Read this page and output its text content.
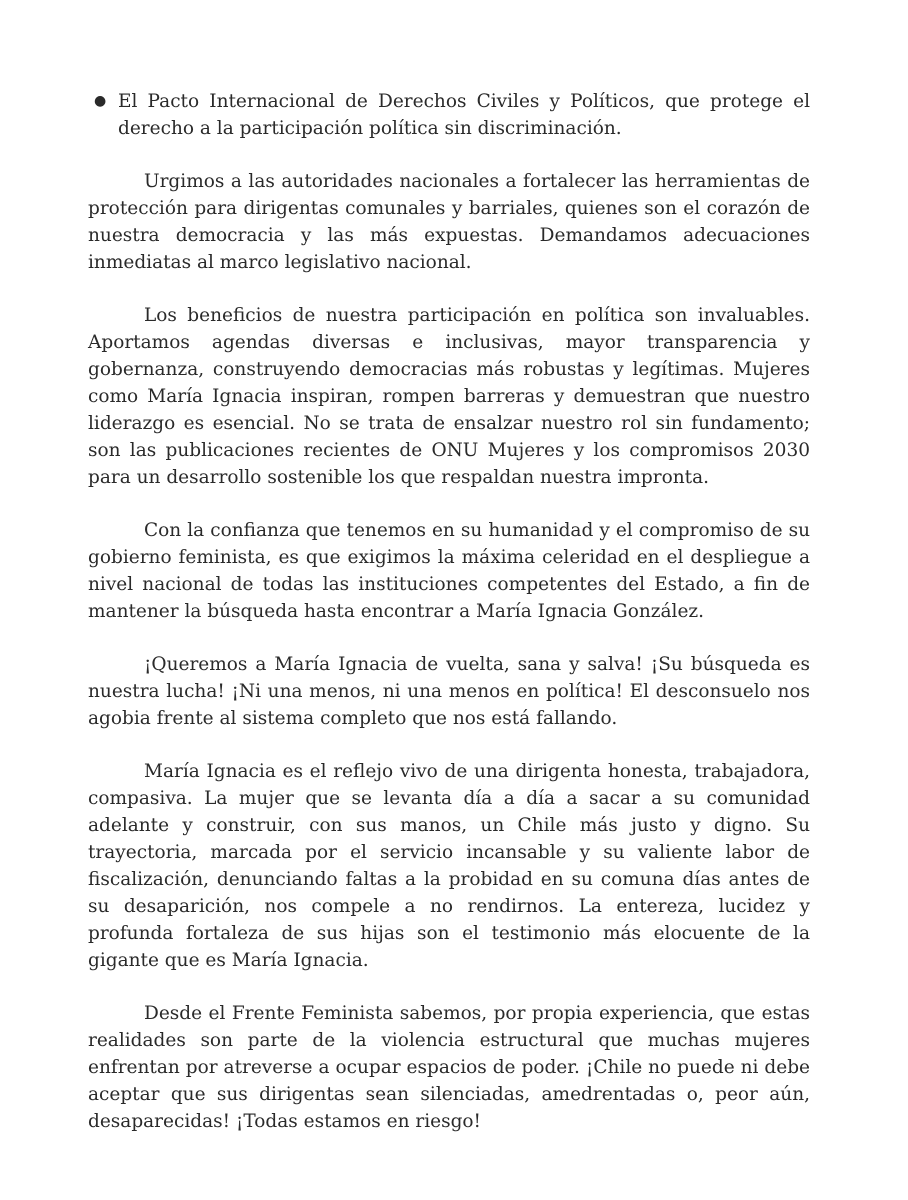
● El Pacto Internacional de Derechos Civiles y Políticos, que protege el derecho a la participación política sin discriminación.

Urgimos a las autoridades nacionales a fortalecer las herramientas de protección para dirigentas comunales y barriales, quienes son el corazón de nuestra democracia y las más expuestas. Demandamos adecuaciones inmediatas al marco legislativo nacional.

Los beneficios de nuestra participación en política son invaluables. Aportamos agendas diversas e inclusivas, mayor transparencia y gobernanza, construyendo democracias más robustas y legítimas. Mujeres como María Ignacia inspiran, rompen barreras y demuestran que nuestro liderazgo es esencial. No se trata de ensalzar nuestro rol sin fundamento; son las publicaciones recientes de ONU Mujeres y los compromisos 2030 para un desarrollo sostenible los que respaldan nuestra impronta.

Con la confianza que tenemos en su humanidad y el compromiso de su gobierno feminista, es que exigimos la máxima celeridad en el despliegue a nivel nacional de todas las instituciones competentes del Estado, a fin de mantener la búsqueda hasta encontrar a María Ignacia González.

¡Queremos a María Ignacia de vuelta, sana y salva! ¡Su búsqueda es nuestra lucha! ¡Ni una menos, ni una menos en política! El desconsuelo nos agobia frente al sistema completo que nos está fallando.

María Ignacia es el reflejo vivo de una dirigenta honesta, trabajadora, compasiva. La mujer que se levanta día a día a sacar a su comunidad adelante y construir, con sus manos, un Chile más justo y digno. Su trayectoria, marcada por el servicio incansable y su valiente labor de fiscalización, denunciando faltas a la probidad en su comuna días antes de su desaparición, nos compele a no rendirnos. La entereza, lucidez y profunda fortaleza de sus hijas son el testimonio más elocuente de la gigante que es María Ignacia.

Desde el Frente Feminista sabemos, por propia experiencia, que estas realidades son parte de la violencia estructural que muchas mujeres enfrentan por atreverse a ocupar espacios de poder. ¡Chile no puede ni debe aceptar que sus dirigentas sean silenciadas, amedrentadas o, peor aún, desaparecidas! ¡Todas estamos en riesgo!
